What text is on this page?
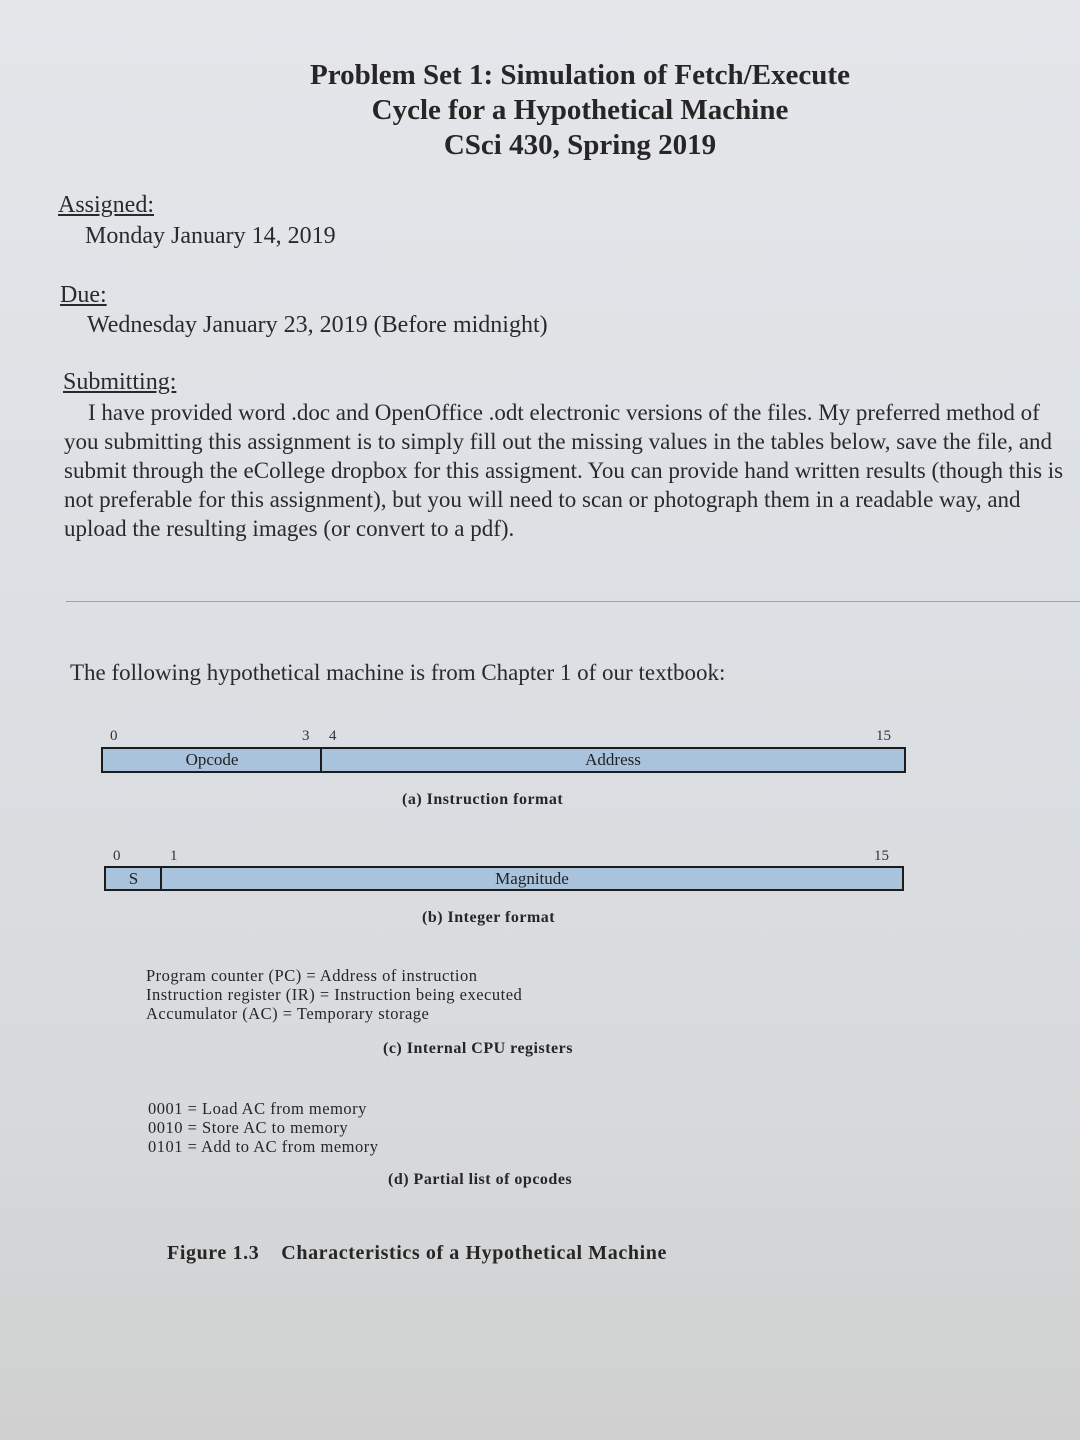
Problem Set 1: Simulation of Fetch/Execute
Cycle for a Hypothetical Machine
CSci 430, Spring 2019
Assigned:
Monday January 14, 2019
Due:
Wednesday January 23, 2019 (Before midnight)
Submitting:
I have provided word .doc and OpenOffice .odt electronic versions of the files. My preferred method of you submitting this assignment is to simply fill out the missing values in the tables below, save the file, and submit through the eCollege dropbox for this assigment. You can provide hand written results (though this is not preferable for this assignment), but you will need to scan or photograph them in a readable way, and upload the resulting images (or convert to a pdf).
The following hypothetical machine is from Chapter 1 of our textbook:
0	3 4	15
Opcode	Address
(a) Instruction format
0	1	15
S	Magnitude
(b) Integer format
Program counter (PC) = Address of instruction
Instruction register (IR) = Instruction being executed
Accumulator (AC) = Temporary storage
(c) Internal CPU registers
0001 = Load AC from memory
0010 = Store AC to memory
0101 = Add to AC from memory
(d) Partial list of opcodes
Figure 1.3 Characteristics of a Hypothetical Machine
